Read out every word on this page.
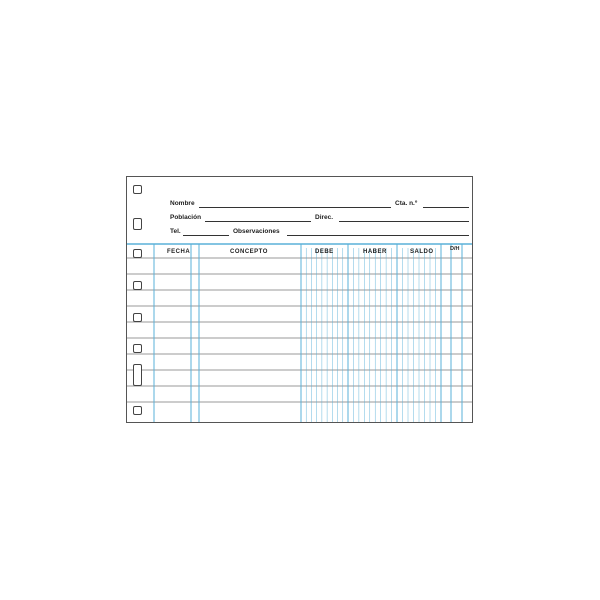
Nombre	Cta. n.º
Población	Direc.
Tel.	Observaciones
FECHA	CONCEPTO	DEBE	HABER	SALDO	D/H
